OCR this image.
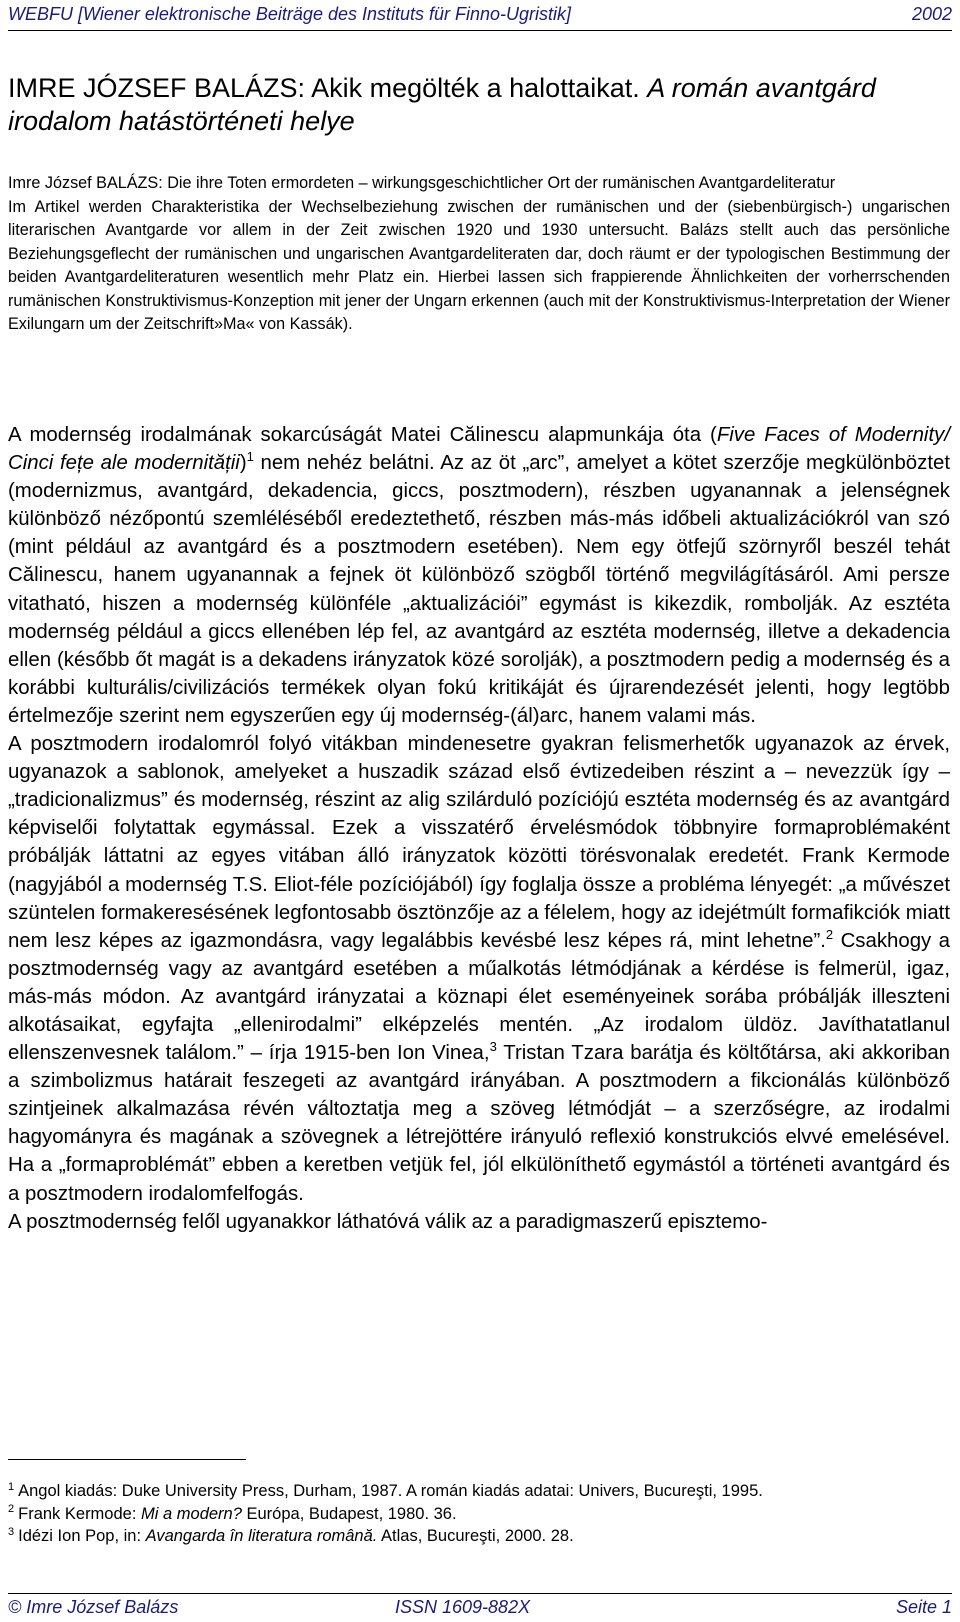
WEBFU [Wiener elektronische Beiträge des Instituts für Finno-Ugristik]	2002
IMRE JÓZSEF BALÁZS: Akik megölték a halottaikat. A román avantgárd irodalom hatástörténeti helye

Imre József BALÁZS: Die ihre Toten ermordeten – wirkungsgeschichtlicher Ort der rumänischen Avantgardeliteratur

Im Artikel werden Charakteristika der Wechselbeziehung zwischen der rumänischen und der (siebenbürgisch-) ungarischen literarischen Avantgarde vor allem in der Zeit zwischen 1920 und 1930 untersucht. Balázs stellt auch das persönliche Beziehungsgeflecht der rumänischen und ungarischen Avantgardeliteraten dar, doch räumt er der typologischen Bestimmung der beiden Avantgardeliteraturen wesentlich mehr Platz ein. Hierbei lassen sich frappierende Ähnlichkeiten der vorherrschenden rumänischen Konstruktivismus-Konzeption mit jener der Ungarn erkennen (auch mit der Konstruktivismus-Interpretation der Wiener Exilungarn um der Zeitschrift»Ma« von Kassák).

A modernség irodalmának sokarcúságát Matei Călinescu alapmunkája óta (Five Faces of Modernity/ Cinci fețe ale modernității)$^1$ nem nehéz belátni. Az az öt „arc”, amelyet a kötet szerzője megkülönböztet (modernizmus, avantgárd, dekadencia, giccs, posztmodern), részben ugyanannak a jelenségnek különböző nézőpontú szemléléséből eredeztethető, részben más-más időbeli aktualizációkról van szó (mint például az avantgárd és a posztmodern esetében). Nem egy ötfejű szörnyről beszél tehát Călinescu, hanem ugyanannak a fejnek öt különböző szögből történő megvilágításáról. Ami persze vitatható, hiszen a modernség különféle „aktualizációi” egymást is kikezdik, rombolják. Az esztéta modernség például a giccs ellenében lép fel, az avantgárd az esztéta modernség, illetve a dekadencia ellen (később őt magát is a dekadens irányzatok közé sorolják), a posztmodern pedig a modernség és a korábbi kulturális/civilizációs termékek olyan fokú kritikáját és újrarendezését jelenti, hogy legtöbb értelmezője szerint nem egyszerűen egy új modernség-(ál)arc, hanem valami más.

A posztmodern irodalomról folyó vitákban mindenesetre gyakran felismerhetők ugyanazok az érvek, ugyanazok a sablonok, amelyeket a huszadik század első évtizedeiben részint a – nevezzük így – „tradicionalizmus” és modernség, részint az alig szilárduló pozíciójú esztéta modernség és az avantgárd képviselői folytattak egymással. Ezek a visszatérő érvelésmódok többnyire formaproblémaként próbálják láttatni az egyes vitában álló irányzatok közötti törésvonalak eredetét. Frank Kermode (nagyjából a modernség T.S. Eliot-féle pozíciójából) így foglalja össze a probléma lényegét: „a művészet szüntelen formakeresésének legfontosabb ösztönzője az a félelem, hogy az idejétmúlt formafikciók miatt nem lesz képes az igazmondásra, vagy legalábbis kevésbé lesz képes rá, mint lehetne”.$^2$ Csakhogy a posztmodernség vagy az avantgárd esetében a műalkotás létmódjának a kérdése is felmerül, igaz, más-más módon. Az avantgárd irányzatai a köznapi élet eseményeinek sorába próbálják illeszteni alkotásaikat, egyfajta „ellenirodalmi” elképzelés mentén. „Az irodalom üldöz. Javíthatatlanul ellenszenvesnek találom.” – írja 1915-ben Ion Vinea,$^3$ Tristan Tzara barátja és költőtársa, aki akkoriban a szimbolizmus határait feszegeti az avantgárd irányában. A posztmodern a fikcionálás különböző szintjeinek alkalmazása révén változtatja meg a szöveg létmódját – a szerzőségre, az irodalmi hagyományra és magának a szövegnek a létrejöttére irányuló reflexió konstrukciós elvvé emelésével. Ha a „formaproblémát” ebben a keretben vetjük fel, jól elkülöníthető egymástól a történeti avantgárd és a posztmodern irodalomfelfogás.

A posztmodernség felől ugyanakkor láthatóvá válik az a paradigmaszerű episztemo-

$^1$ Angol kiadás: Duke University Press, Durham, 1987. A román kiadás adatai: Univers, Bucureşti, 1995.

$^2$ Frank Kermode: Mi a modern? Európa, Budapest, 1980. 36.

$^3$ Idézi Ion Pop, in: Avangarda în literatura română. Atlas, Bucureşti, 2000. 28.

© Imre József Balázs	ISSN 1609-882X	Seite 1
